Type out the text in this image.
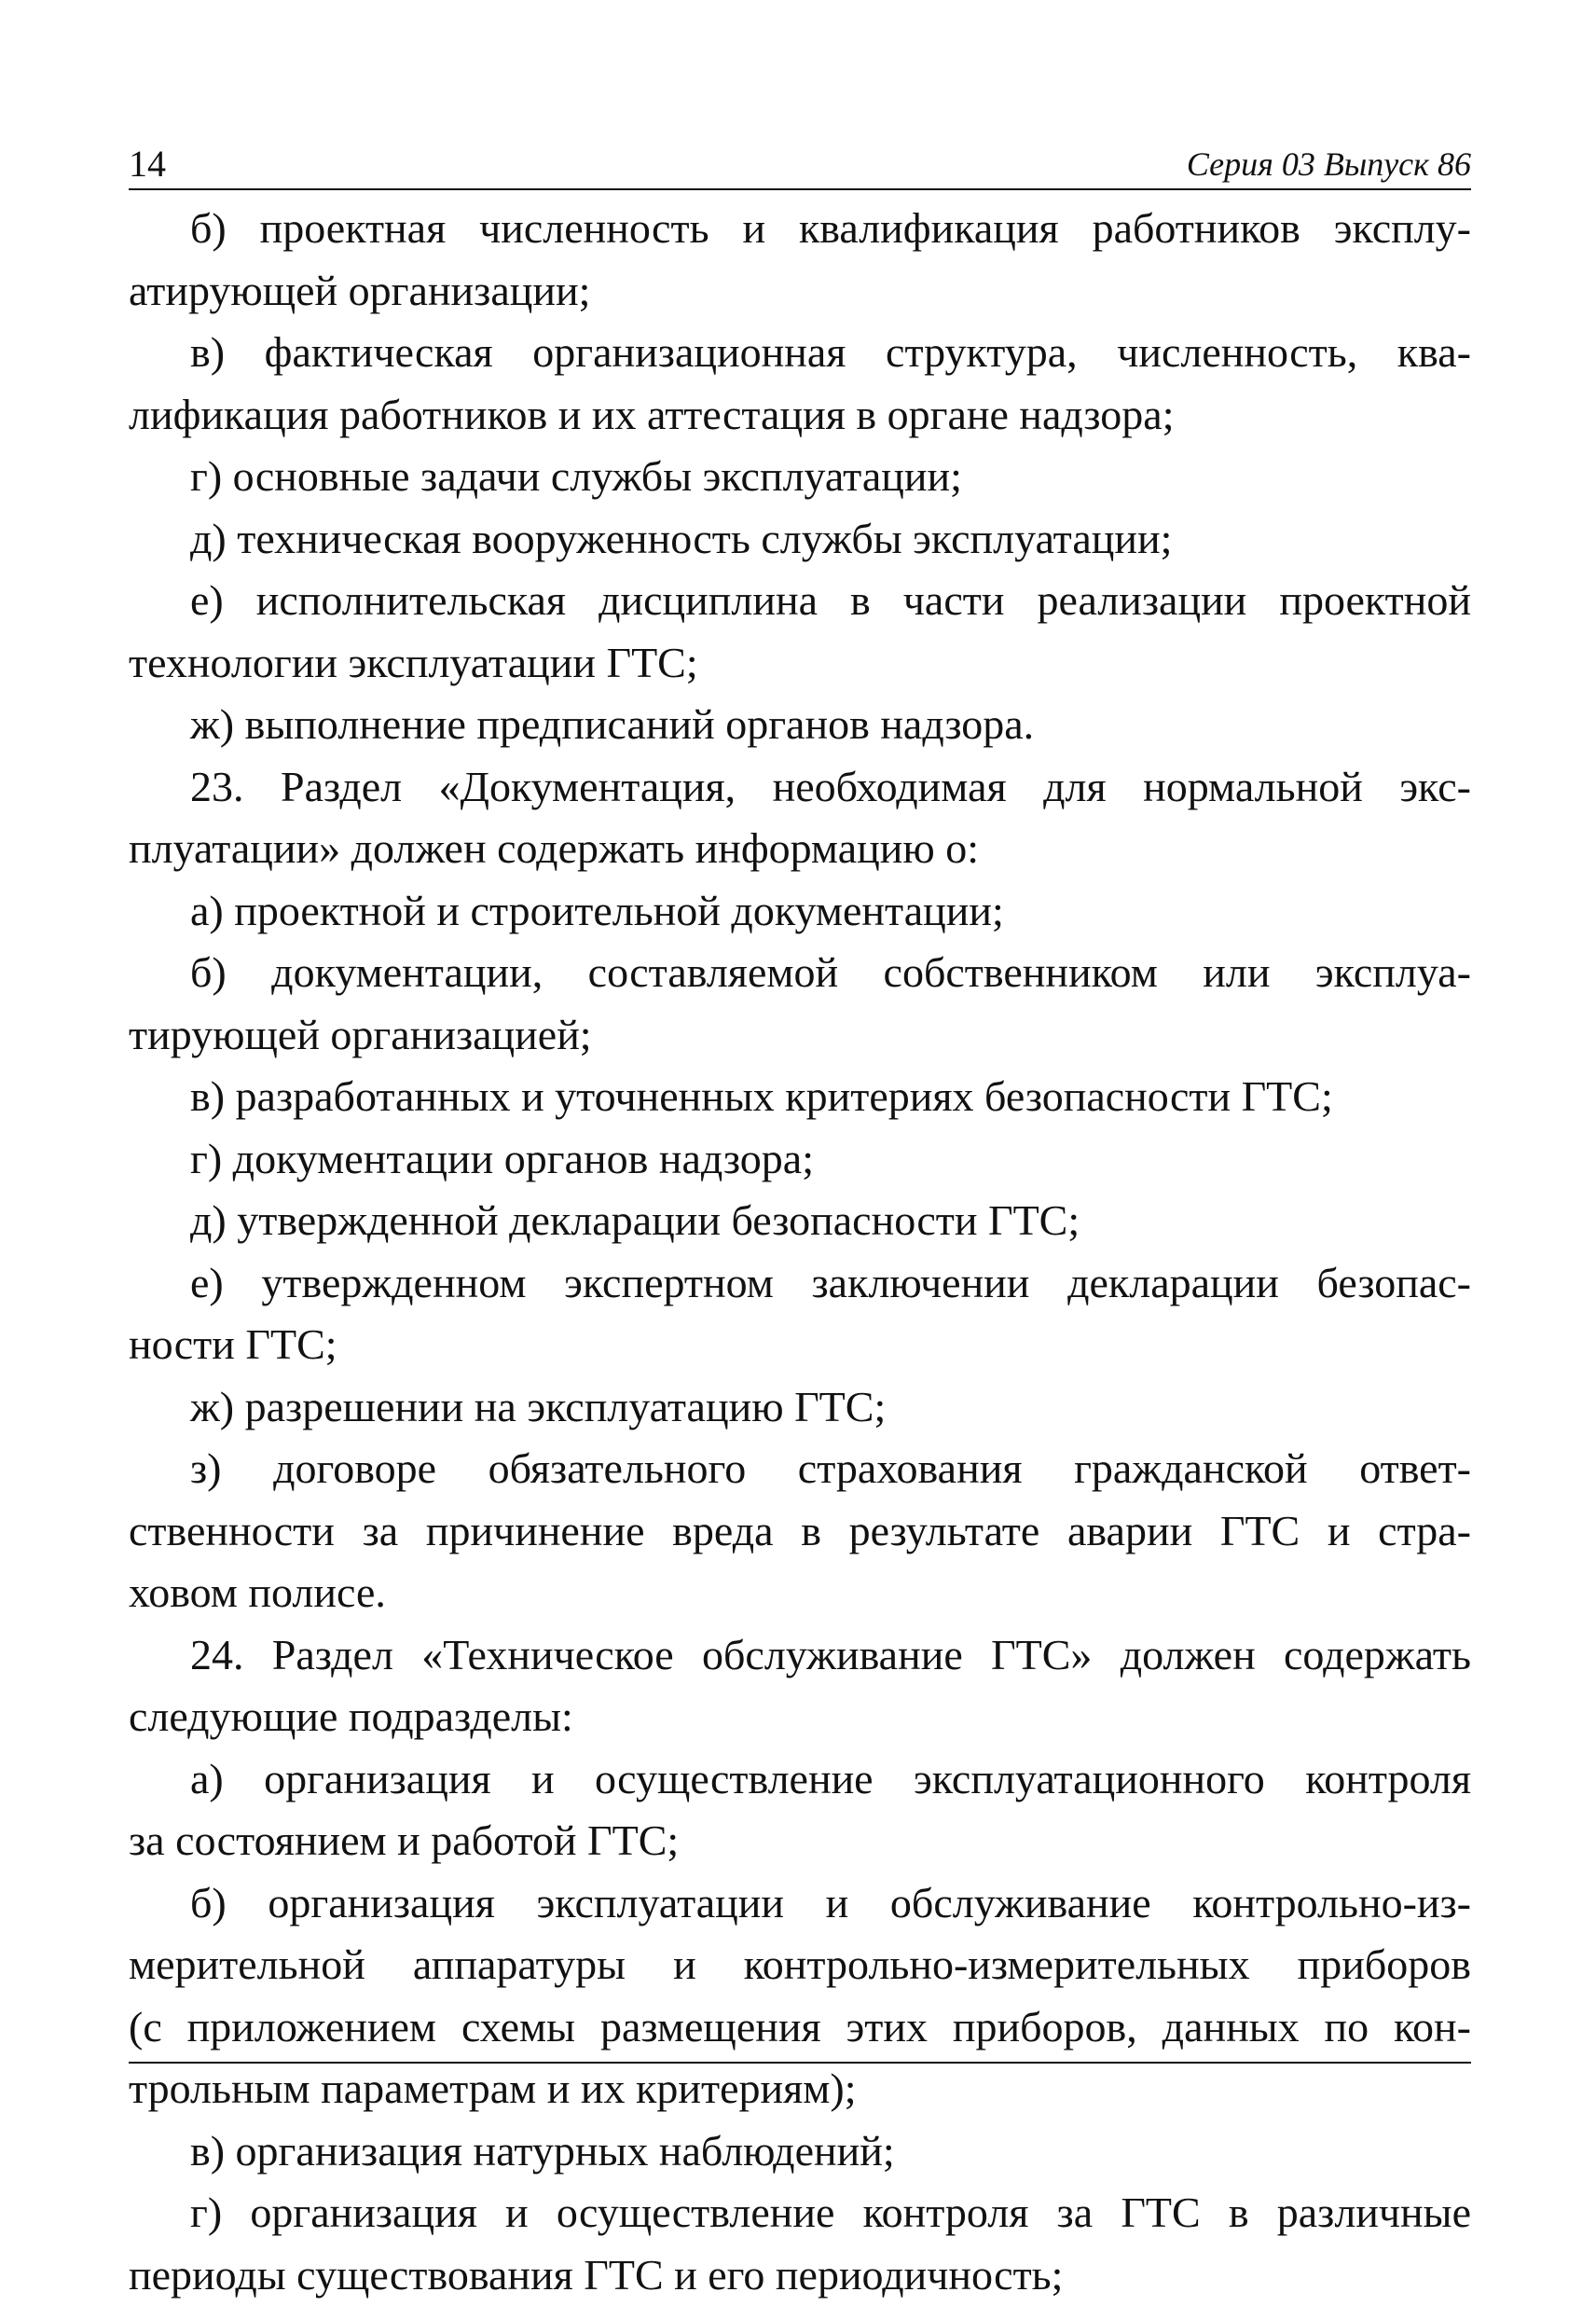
14	Серия 03 Выпуск 86
б) проектная численность и квалификация работников эксплу-
атирующей организации;
в) фактическая организационная структура, численность, ква-
лификация работников и их аттестация в органе надзора;
г) основные задачи службы эксплуатации;
д) техническая вооруженность службы эксплуатации;
е) исполнительская дисциплина в части реализации проектной
технологии эксплуатации ГТС;
ж) выполнение предписаний органов надзора.
23. Раздел «Документация, необходимая для нормальной экс-
плуатации» должен содержать информацию о:
а) проектной и строительной документации;
б) документации, составляемой собственником или эксплуа-
тирующей организацией;
в) разработанных и уточненных критериях безопасности ГТС;
г) документации органов надзора;
д) утвержденной декларации безопасности ГТС;
е) утвержденном экспертном заключении декларации безопас-
ности ГТС;
ж) разрешении на эксплуатацию ГТС;
з) договоре обязательного страхования гражданской ответ-
ственности за причинение вреда в результате аварии ГТС и стра-
ховом полисе.
24. Раздел «Техническое обслуживание ГТС» должен содержать
следующие подразделы:
а) организация и осуществление эксплуатационного контроля
за состоянием и работой ГТС;
б) организация эксплуатации и обслуживание контрольно-из-
мерительной аппаратуры и контрольно-измерительных приборов
(с приложением схемы размещения этих приборов, данных по кон-
трольным параметрам и их критериям);
в) организация натурных наблюдений;
г) организация и осуществление контроля за ГТС в различные
периоды существования ГТС и его периодичность;
